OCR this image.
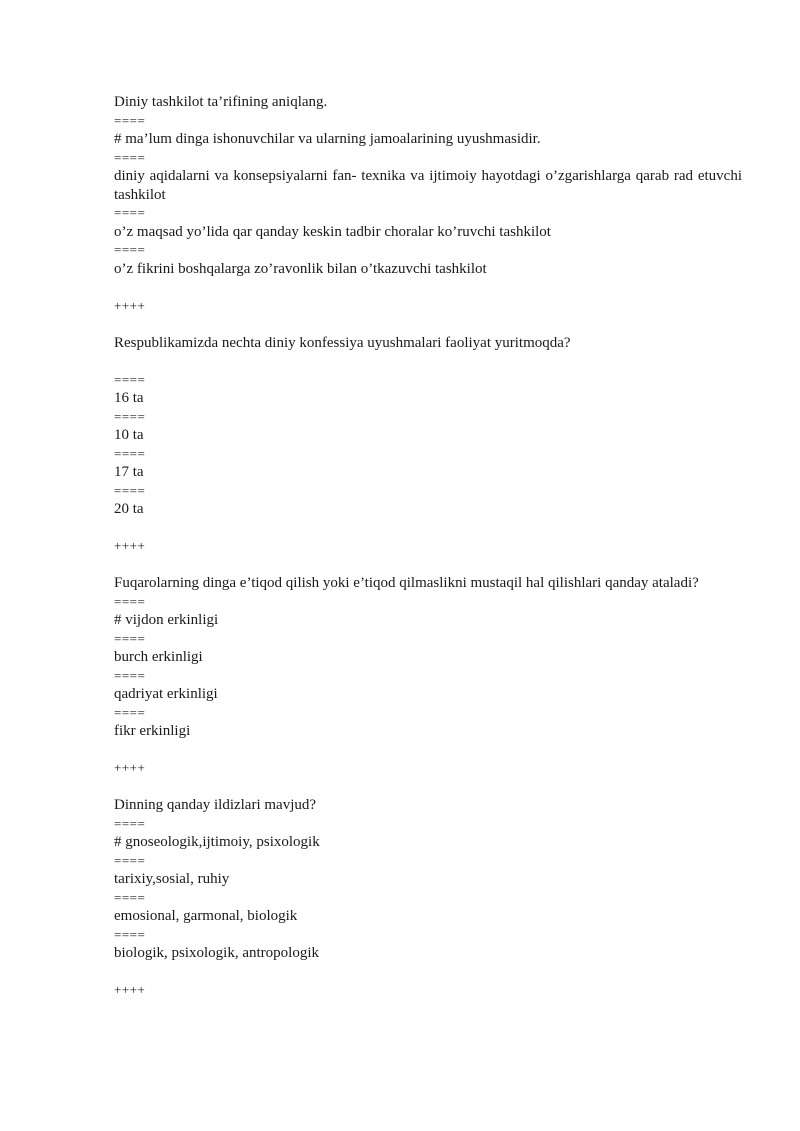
Diniy tashkilot ta’rifining aniqlang.
====
# ma’lum dinga ishonuvchilar va ularning jamoalarining uyushmasidir.
====
diniy aqidalarni va konsepsiyalarni fan- texnika va ijtimoiy hayotdagi o’zgarishlarga qarab rad etuvchi tashkilot
====
o’z maqsad yo’lida qar qanday keskin tadbir choralar ko’ruvchi tashkilot
====
o’z fikrini boshqalarga zo’ravonlik bilan o’tkazuvchi tashkilot
++++
Respublikamizda nechta diniy konfessiya uyushmalari faoliyat yuritmoqda?
====
16 ta
====
10 ta
====
17 ta
====
20 ta
++++
Fuqarolarning dinga e’tiqod qilish yoki e’tiqod qilmaslikni mustaqil hal qilishlari qanday ataladi?
====
# vijdon erkinligi
====
burch erkinligi
====
qadriyat erkinligi
====
fikr erkinligi
++++
Dinning qanday ildizlari mavjud?
====
# gnoseologik,ijtimoiy, psixologik
====
tarixiy,sosial, ruhiy
====
emosional, garmonal, biologik
====
biologik, psixologik, antropologik
++++
